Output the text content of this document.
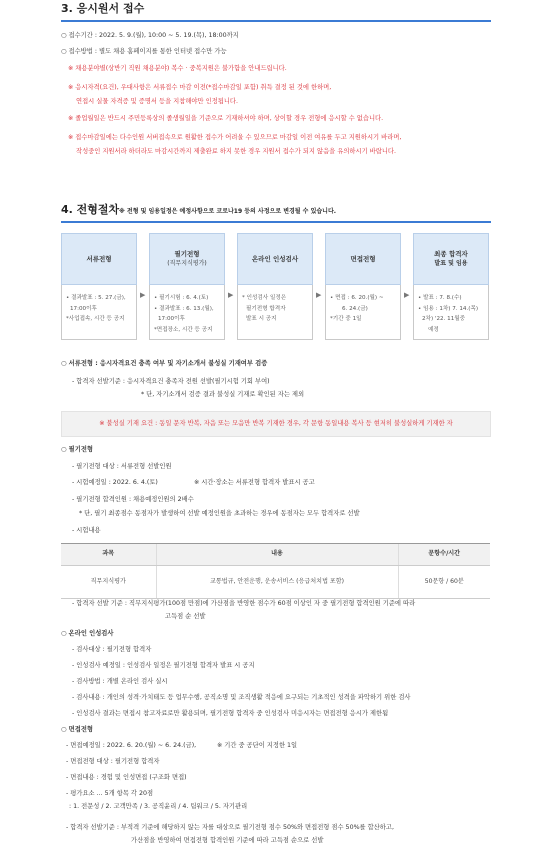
3. 응시원서 접수
○ 접수기간 : 2022. 5. 9.(월), 10:00 ~ 5. 19.(목), 18:00까지
○ 접수방법 : 별도 채용 홈페이지를 통한 인터넷 접수만 가능
※ 채용분야별(상반기 직원 채용분야) 복수 · 중복지원은 불가함을 안내드립니다.
※ 응시자격(요건), 우대사항은 서류접수 마감 이전(*접수마감일 포함) 취득 결정 된 것에 한하며,
연접시 실물 자격증 및 증명서 등을 지참해야만 인정됩니다.
※ 졸업월일은 반드시 주민등록상의 졸생월일을 기준으로 기재하셔야 하며, 상이할 경우 전형에 응시할 수 없습니다.
※ 접수마감일에는 다수인원 서버접속으로 원활한 접수가 어려울 수 있으므로 마감일 이전 여유를 두고 지원하시기 바라며,
작성중인 지원서라 하더라도 마감시간까지 제출완료 하지 못한 경우 지원서 접수가 되지 않음을 유의하시기 바랍니다.
4. 전형절차 ※ 전형 및 임용일정은 예정사항으로 코로나19 등의 사정으로 변경될 수 있습니다.
서류전형
• 결과발표 : 5. 27.(금),
17:00이후
*사업접속, 시간 등 공지
▶
필기전형
(직무지식평가)
• 필기시험 : 6. 4.(토)
• 결과발표 : 6. 13.(월),
17:00이후
*면접장소, 시간 등 공지
▶
온라인 인성검사
* 인성검사 일정은
필기전형 합격자
발표 시 공지
▶
면접전형
• 면접 : 6. 20.(월) ~
6. 24.(금)
*기간 중 1일
▶
최종 합격자
발표 및 임용
• 발표 : 7. 8.(수)
• 임용 : 1차) 7. 14.(목)
2차) '22. 11월중
예정
○ 서류전형 : 응시자격요건 충족 여부 및 자기소개서 불성실 기재여부 검증
- 합격자 선발기준 : 응시자격요건 충족자 전원 선발(필기시험 기회 부여)
* 단, 자기소개서 검증 결과 불성실 기재로 확인된 자는 제외
※ 불성실 기재 요건 : 동일 문자 반복, 자음 또는 모음만 반복 기재한 경우, 각 문항 동일내용 복사 등 현저히 불성실하게 기재한 자
○ 필기전형
- 필기전형 대상 : 서류전형 선발인원
- 시험예정일 : 2022. 6. 4.(토)	※ 시간·장소는 서류전형 합격자 발표시 공고
- 필기전형 합격인원 : 채용예정인원의 2배수
* 단, 필기 최종점수 동점자가 발생하여 선발 예정인원을 초과하는 경우에 동점자는 모두 합격자로 선발
- 시험내용
과목	내용	문항수/시간
직무지식평가	교통법규, 안전운행, 운송서비스 (응급처치법 포함)	50문항 / 60분
- 합격자 선발 기준 : 직무지식평가(100점 만점)에 가산점을 반영한 점수가 60점 이상인 자 중 필기전형 합격인원 기준에 따라
고득점 순 선발
○ 온라인 인성검사
- 검사대상 : 필기전형 합격자
- 인성검사 예정일 : 인성검사 일정은 필기전형 합격자 발표 시 공지
- 검사방법 : 개별 온라인 검사 실시
- 검사내용 : 개인의 성격·가치태도 등 업무수행, 공직소명 및 조직생활 적응에 요구되는 기초적인 성격을 파악하기 위한 검사
- 인성검사 결과는 면접시 참고자료로만 활용되며, 필기전형 합격자 중 인성검사 미응시자는 면접전형 응시가 제한됨
○ 면접전형
- 면접예정일 : 2022. 6. 20.(월) ~ 6. 24.(금),	※ 기간 중 공단이 지정한 1일
- 면접전형 대상 : 필기전형 합격자
- 면접내용 : 경험 및 인성면접 (구조화 면접)
- 평가요소 ... 5개 항목 각 20점
: 1. 전문성 / 2. 고객만족 / 3. 공직윤리 / 4. 팀워크 / 5. 자기관리
- 합격자 선발기준 : 부적격 기준에 해당하지 않는 자를 대상으로 필기전형 점수 50%와 면접전형 점수 50%를 합산하고,
가산점을 반영하여 면접전형 합격인원 기준에 따라 고득점 순으로 선발
